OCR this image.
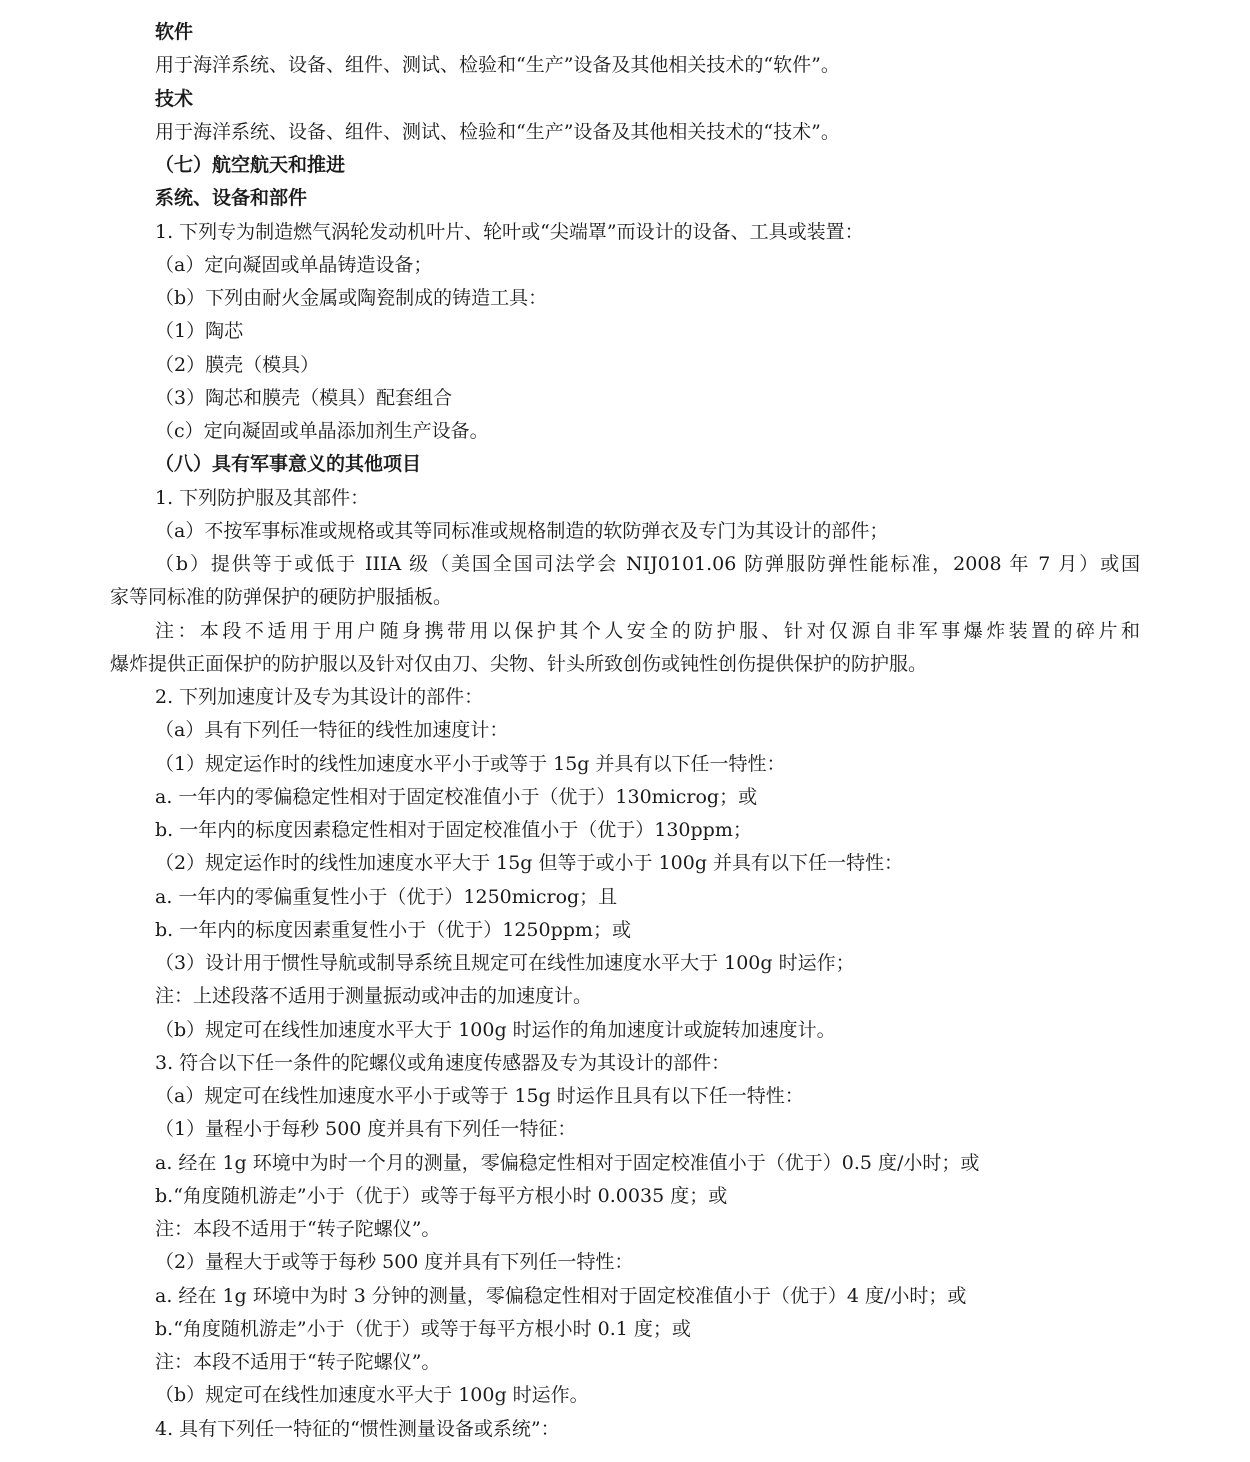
软件
用于海洋系统、设备、组件、测试、检验和“生产”设备及其他相关技术的“软件”。
技术
用于海洋系统、设备、组件、测试、检验和“生产”设备及其他相关技术的“技术”。
（七）航空航天和推进
系统、设备和部件
1. 下列专为制造燃气涡轮发动机叶片、轮叶或“尖端罩”而设计的设备、工具或装置：
（a）定向凝固或单晶铸造设备；
（b）下列由耐火金属或陶瓷制成的铸造工具：
（1）陶芯
（2）膜壳（模具）
（3）陶芯和膜壳（模具）配套组合
（c）定向凝固或单晶添加剂生产设备。
（八）具有军事意义的其他项目
1. 下列防护服及其部件：
（a）不按军事标准或规格或其等同标准或规格制造的软防弹衣及专门为其设计的部件；
（b）提供等于或低于 IIIA 级（美国全国司法学会 NIJ0101.06 防弹服防弹性能标准，2008 年 7 月）或国
家等同标准的防弹保护的硬防护服插板。
注：本段不适用于用户随身携带用以保护其个人安全的防护服、针对仅源自非军事爆炸装置的碎片和
爆炸提供正面保护的防护服以及针对仅由刀、尖物、针头所致创伤或钝性创伤提供保护的防护服。
2. 下列加速度计及专为其设计的部件：
（a）具有下列任一特征的线性加速度计：
（1）规定运作时的线性加速度水平小于或等于 15g 并具有以下任一特性：
a. 一年内的零偏稳定性相对于固定校准值小于（优于）130microg；或
b. 一年内的标度因素稳定性相对于固定校准值小于（优于）130ppm；
（2）规定运作时的线性加速度水平大于 15g 但等于或小于 100g 并具有以下任一特性：
a. 一年内的零偏重复性小于（优于）1250microg；且
b. 一年内的标度因素重复性小于（优于）1250ppm；或
（3）设计用于惯性导航或制导系统且规定可在线性加速度水平大于 100g 时运作；
注：上述段落不适用于测量振动或冲击的加速度计。
（b）规定可在线性加速度水平大于 100g 时运作的角加速度计或旋转加速度计。
3. 符合以下任一条件的陀螺仪或角速度传感器及专为其设计的部件：
（a）规定可在线性加速度水平小于或等于 15g 时运作且具有以下任一特性：
（1）量程小于每秒 500 度并具有下列任一特征：
a. 经在 1g 环境中为时一个月的测量，零偏稳定性相对于固定校准值小于（优于）0.5 度/小时；或
b.“角度随机游走”小于（优于）或等于每平方根小时 0.0035 度；或
注：本段不适用于“转子陀螺仪”。
（2）量程大于或等于每秒 500 度并具有下列任一特性：
a. 经在 1g 环境中为时 3 分钟的测量，零偏稳定性相对于固定校准值小于（优于）4 度/小时；或
b.“角度随机游走”小于（优于）或等于每平方根小时 0.1 度；或
注：本段不适用于“转子陀螺仪”。
（b）规定可在线性加速度水平大于 100g 时运作。
4. 具有下列任一特征的“惯性测量设备或系统”：
